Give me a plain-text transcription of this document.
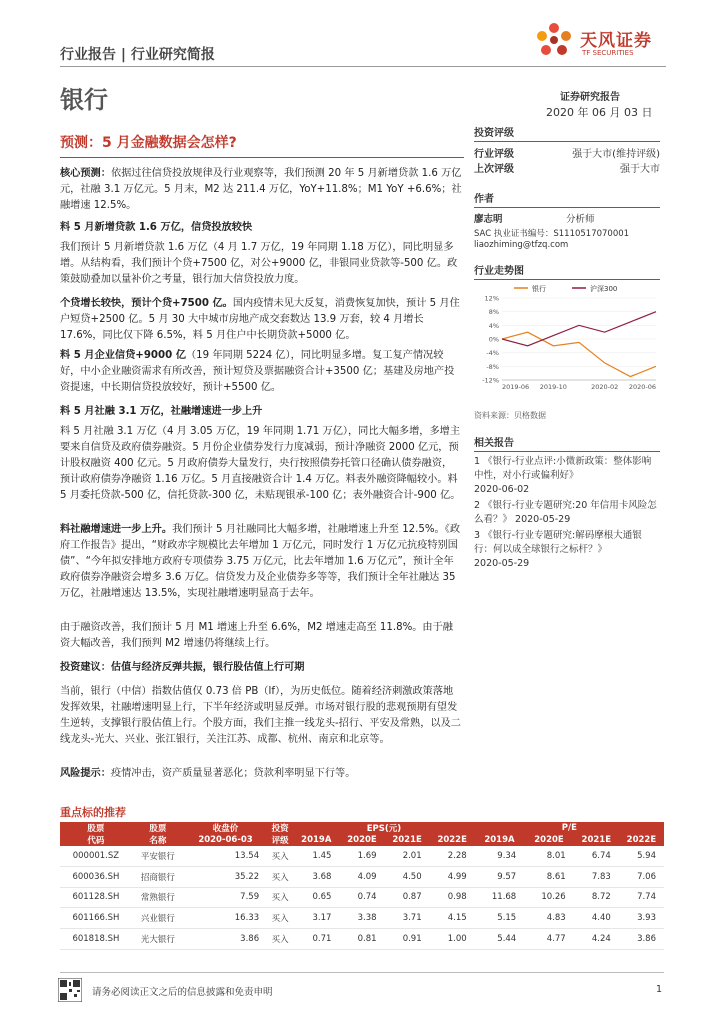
行业报告 | 行业研究简报
天风证券
TF SECURITIES
银行	证券研究报告
2020 年 06 月 03 日
预测：5 月金融数据会怎样?
核心预测：依据过往信贷投放规律及行业观察等，我们预测 20 年 5 月新增贷款 1.6 万亿元，社融 3.1 万亿元。5 月末，M2 达 211.4 万亿，YoY+11.8%；M1 YoY +6.6%；社融增速 12.5%。
料 5 月新增贷款 1.6 万亿，信贷投放较快
我们预计 5 月新增贷款 1.6 万亿（4 月 1.7 万亿，19 年同期 1.18 万亿），同比明显多增。从结构看，我们预计个贷+7500 亿，对公+9000 亿，非银同业贷款等-500 亿。政策鼓励叠加以量补价之考量，银行加大信贷投放力度。
个贷增长较快，预计个贷+7500 亿。国内疫情未见大反复，消费恢复加快，预计 5 月住户短贷+2500 亿。5 月 30 大中城市房地产成交套数达 13.9 万套，较 4 月增长 17.6%，同比仅下降 6.5%，料 5 月住户中长期贷款+5000 亿。
料 5 月企业信贷+9000 亿（19 年同期 5224 亿），同比明显多增。复工复产情况较好，中小企业融资需求有所改善，预计短贷及票据融资合计+3500 亿；基建及房地产投资提速，中长期信贷投放较好，预计+5500 亿。
料 5 月社融 3.1 万亿，社融增速进一步上升
料 5 月社融 3.1 万亿（4 月 3.05 万亿，19 年同期 1.71 万亿），同比大幅多增，多增主要来自信贷及政府债券融资。5 月份企业债券发行力度减弱，预计净融资 2000 亿元，预计股权融资 400 亿元。5 月政府债券大量发行，央行按照债券托管口径确认债券融资，预计政府债券净融资 1.16 万亿。5 月直接融资合计 1.4 万亿。料表外融资降幅较小。料 5 月委托贷款-500 亿，信托贷款-300 亿，未贴现银承-100 亿；表外融资合计-900 亿。
料社融增速进一步上升。我们预计 5 月社融同比大幅多增，社融增速上升至 12.5%。《政府工作报告》提出，“财政赤字规模比去年增加 1 万亿元，同时发行 1 万亿元抗疫特别国债”、“今年拟安排地方政府专项债券 3.75 万亿元，比去年增加 1.6 万亿元”，预计全年政府债券净融资会增多 3.6 万亿。信贷发力及企业债券多等等，我们预计全年社融达 35 万亿，社融增速达 13.5%，实现社融增速明显高于去年。
由于融资改善，我们预计 5 月 M1 增速上升至 6.6%，M2 增速走高至 11.8%。由于融资大幅改善，我们预判 M2 增速仍将继续上行。
投资建议：估值与经济反弹共振，银行股估值上行可期
当前，银行（中信）指数估值仅 0.73 倍 PB（lf），为历史低位。随着经济刺激政策落地发挥效果，社融增速明显上行，下半年经济或明显反弹。市场对银行股的悲观预期有望发生逆转，支撑银行股估值上行。个股方面，我们主推一线龙头-招行、平安及常熟，以及二线龙头-光大、兴业、张江银行，关注江苏、成都、杭州、南京和北京等。
风险提示：疫情冲击，资产质量显著恶化；贷款利率明显下行等。
投资评级
行业评级	强于大市(维持评级)
上次评级	强于大市
作者
廖志明	分析师
SAC 执业证书编号：S1110517070001
liaozhiming@tfzq.com
行业走势图
银行	沪深300
12%
8%
4%
0%
-4%
-8%
-12%
2019-06 2019-10	2020-02 2020-06
资料来源：贝格数据
相关报告
1 《银行-行业点评:小微新政策：整体影响中性，对小行或偏利好》
2020-06-02
2 《银行-行业专题研究:20 年信用卡风险怎么看？》 2020-05-29
3 《银行-行业专题研究:解码摩根大通银行：何以成全球银行之标杆？》
2020-05-29
重点标的推荐
股票	股票	收盘价	投资	EPS(元)				P/E			
代码	名称	2020-06-03	评级	2019A	2020E	2021E	2022E	2019A	2020E	2021E	2022E
000001.SZ	平安银行	13.54	买入	1.45	1.69	2.01	2.28	9.34	8.01	6.74	5.94
600036.SH	招商银行	35.22	买入	3.68	4.09	4.50	4.99	9.57	8.61	7.83	7.06
601128.SH	常熟银行	7.59	买入	0.65	0.74	0.87	0.98	11.68	10.26	8.72	7.74
601166.SH	兴业银行	16.33	买入	3.17	3.38	3.71	4.15	5.15	4.83	4.40	3.93
601818.SH	光大银行	3.86	买入	0.71	0.81	0.91	1.00	5.44	4.77	4.24	3.86
请务必阅读正文之后的信息披露和免责申明	1
